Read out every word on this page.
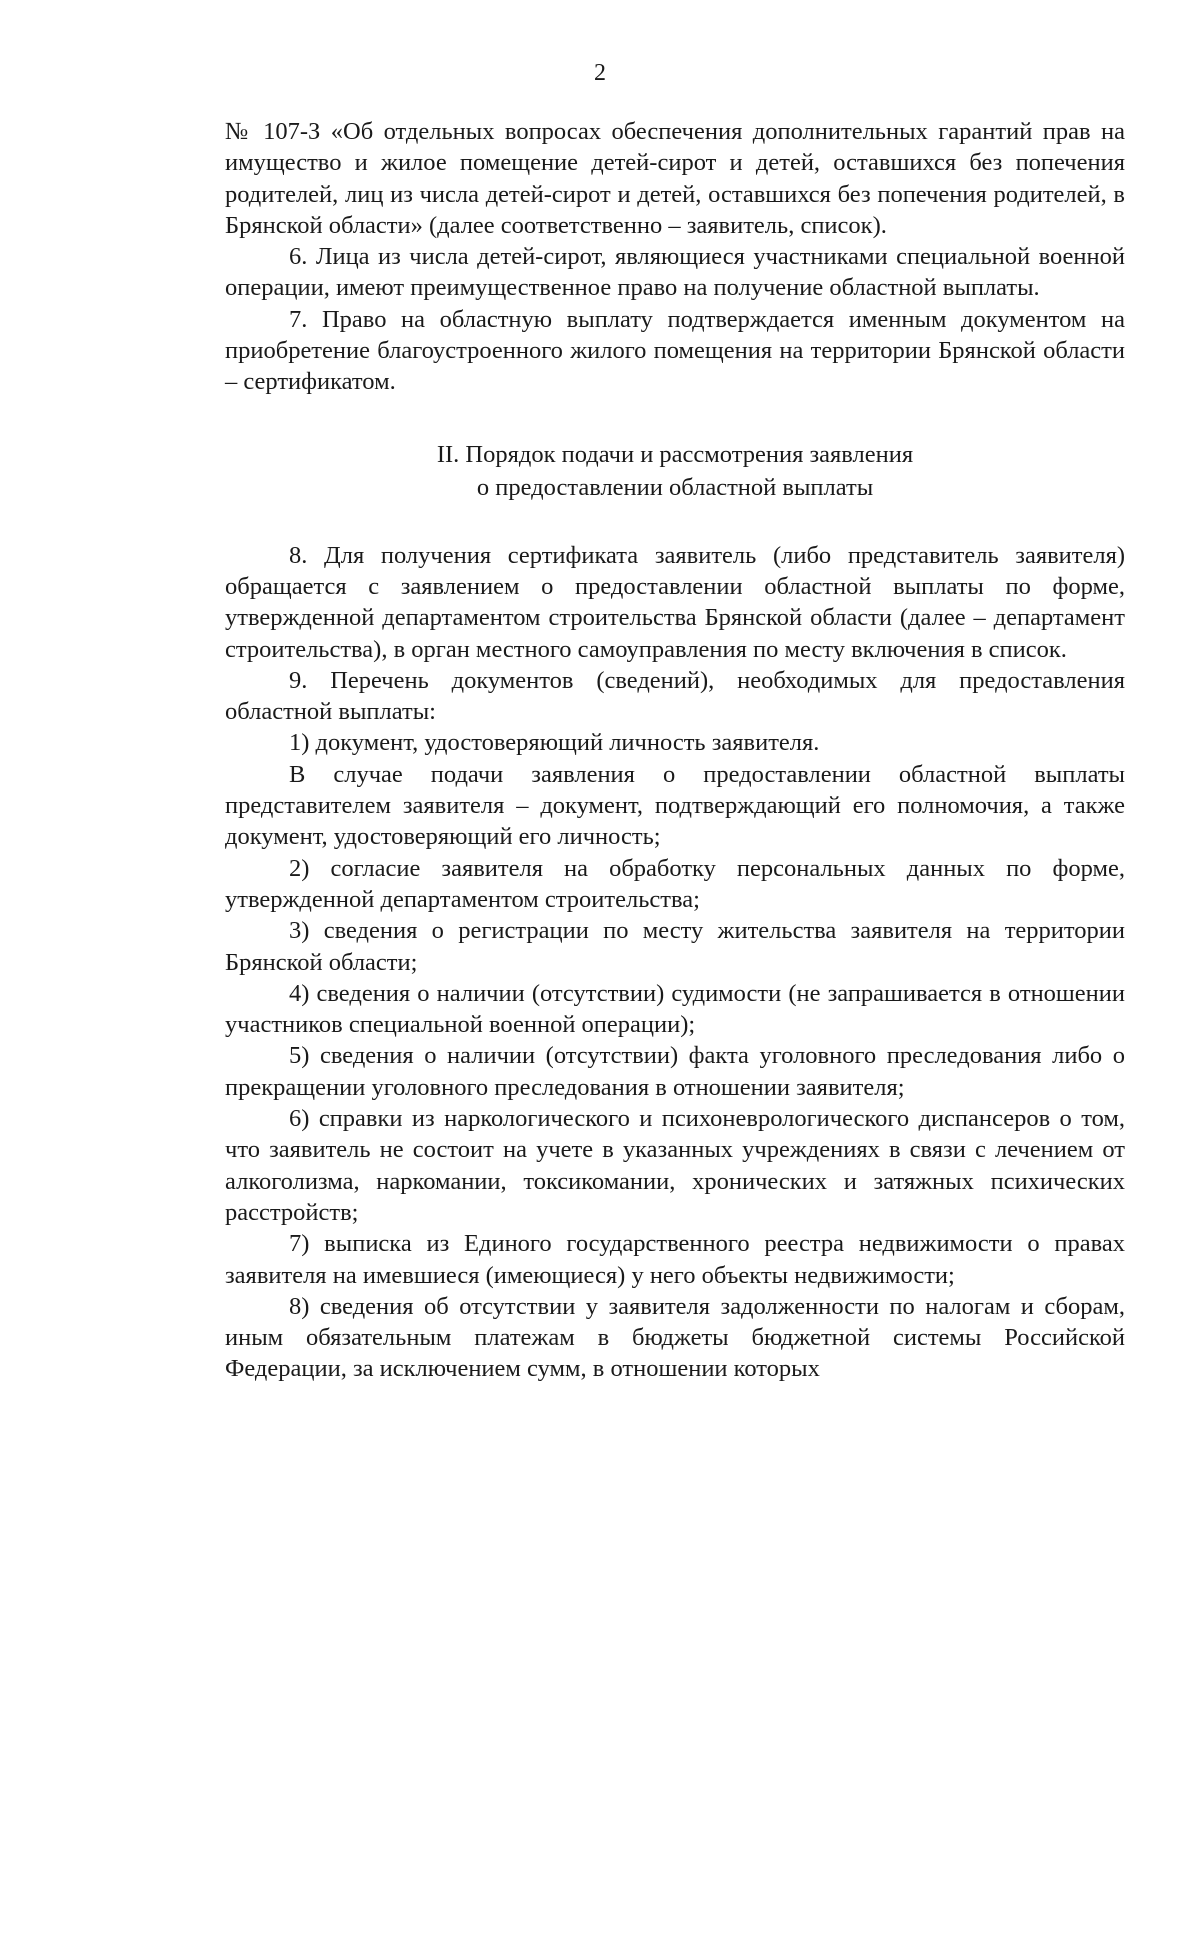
2

№ 107-З «Об отдельных вопросах обеспечения дополнительных гарантий прав на имущество и жилое помещение детей-сирот и детей, оставшихся без попечения родителей, лиц из числа детей-сирот и детей, оставшихся без попечения родителей, в Брянской области» (далее соответственно – заявитель, список).

6. Лица из числа детей-сирот, являющиеся участниками специальной военной операции, имеют преимущественное право на получение областной выплаты.

7. Право на областную выплату подтверждается именным документом на приобретение благоустроенного жилого помещения на территории Брянской области – сертификатом.

II. Порядок подачи и рассмотрения заявления
о предоставлении областной выплаты

8. Для получения сертификата заявитель (либо представитель заявителя) обращается с заявлением о предоставлении областной выплаты по форме, утвержденной департаментом строительства Брянской области (далее – департамент строительства), в орган местного самоуправления по месту включения в список.

9. Перечень документов (сведений), необходимых для предоставления областной выплаты:

1) документ, удостоверяющий личность заявителя.

В случае подачи заявления о предоставлении областной выплаты представителем заявителя – документ, подтверждающий его полномочия, а также документ, удостоверяющий его личность;

2) согласие заявителя на обработку персональных данных по форме, утвержденной департаментом строительства;

3) сведения о регистрации по месту жительства заявителя на территории Брянской области;

4) сведения о наличии (отсутствии) судимости (не запрашивается в отношении участников специальной военной операции);

5) сведения о наличии (отсутствии) факта уголовного преследования либо о прекращении уголовного преследования в отношении заявителя;

6) справки из наркологического и психоневрологического диспансеров о том, что заявитель не состоит на учете в указанных учреждениях в связи с лечением от алкоголизма, наркомании, токсикомании, хронических и затяжных психических расстройств;

7) выписка из Единого государственного реестра недвижимости о правах заявителя на имевшиеся (имеющиеся) у него объекты недвижимости;

8) сведения об отсутствии у заявителя задолженности по налогам и сборам, иным обязательным платежам в бюджеты бюджетной системы Российской Федерации, за исключением сумм, в отношении которых
